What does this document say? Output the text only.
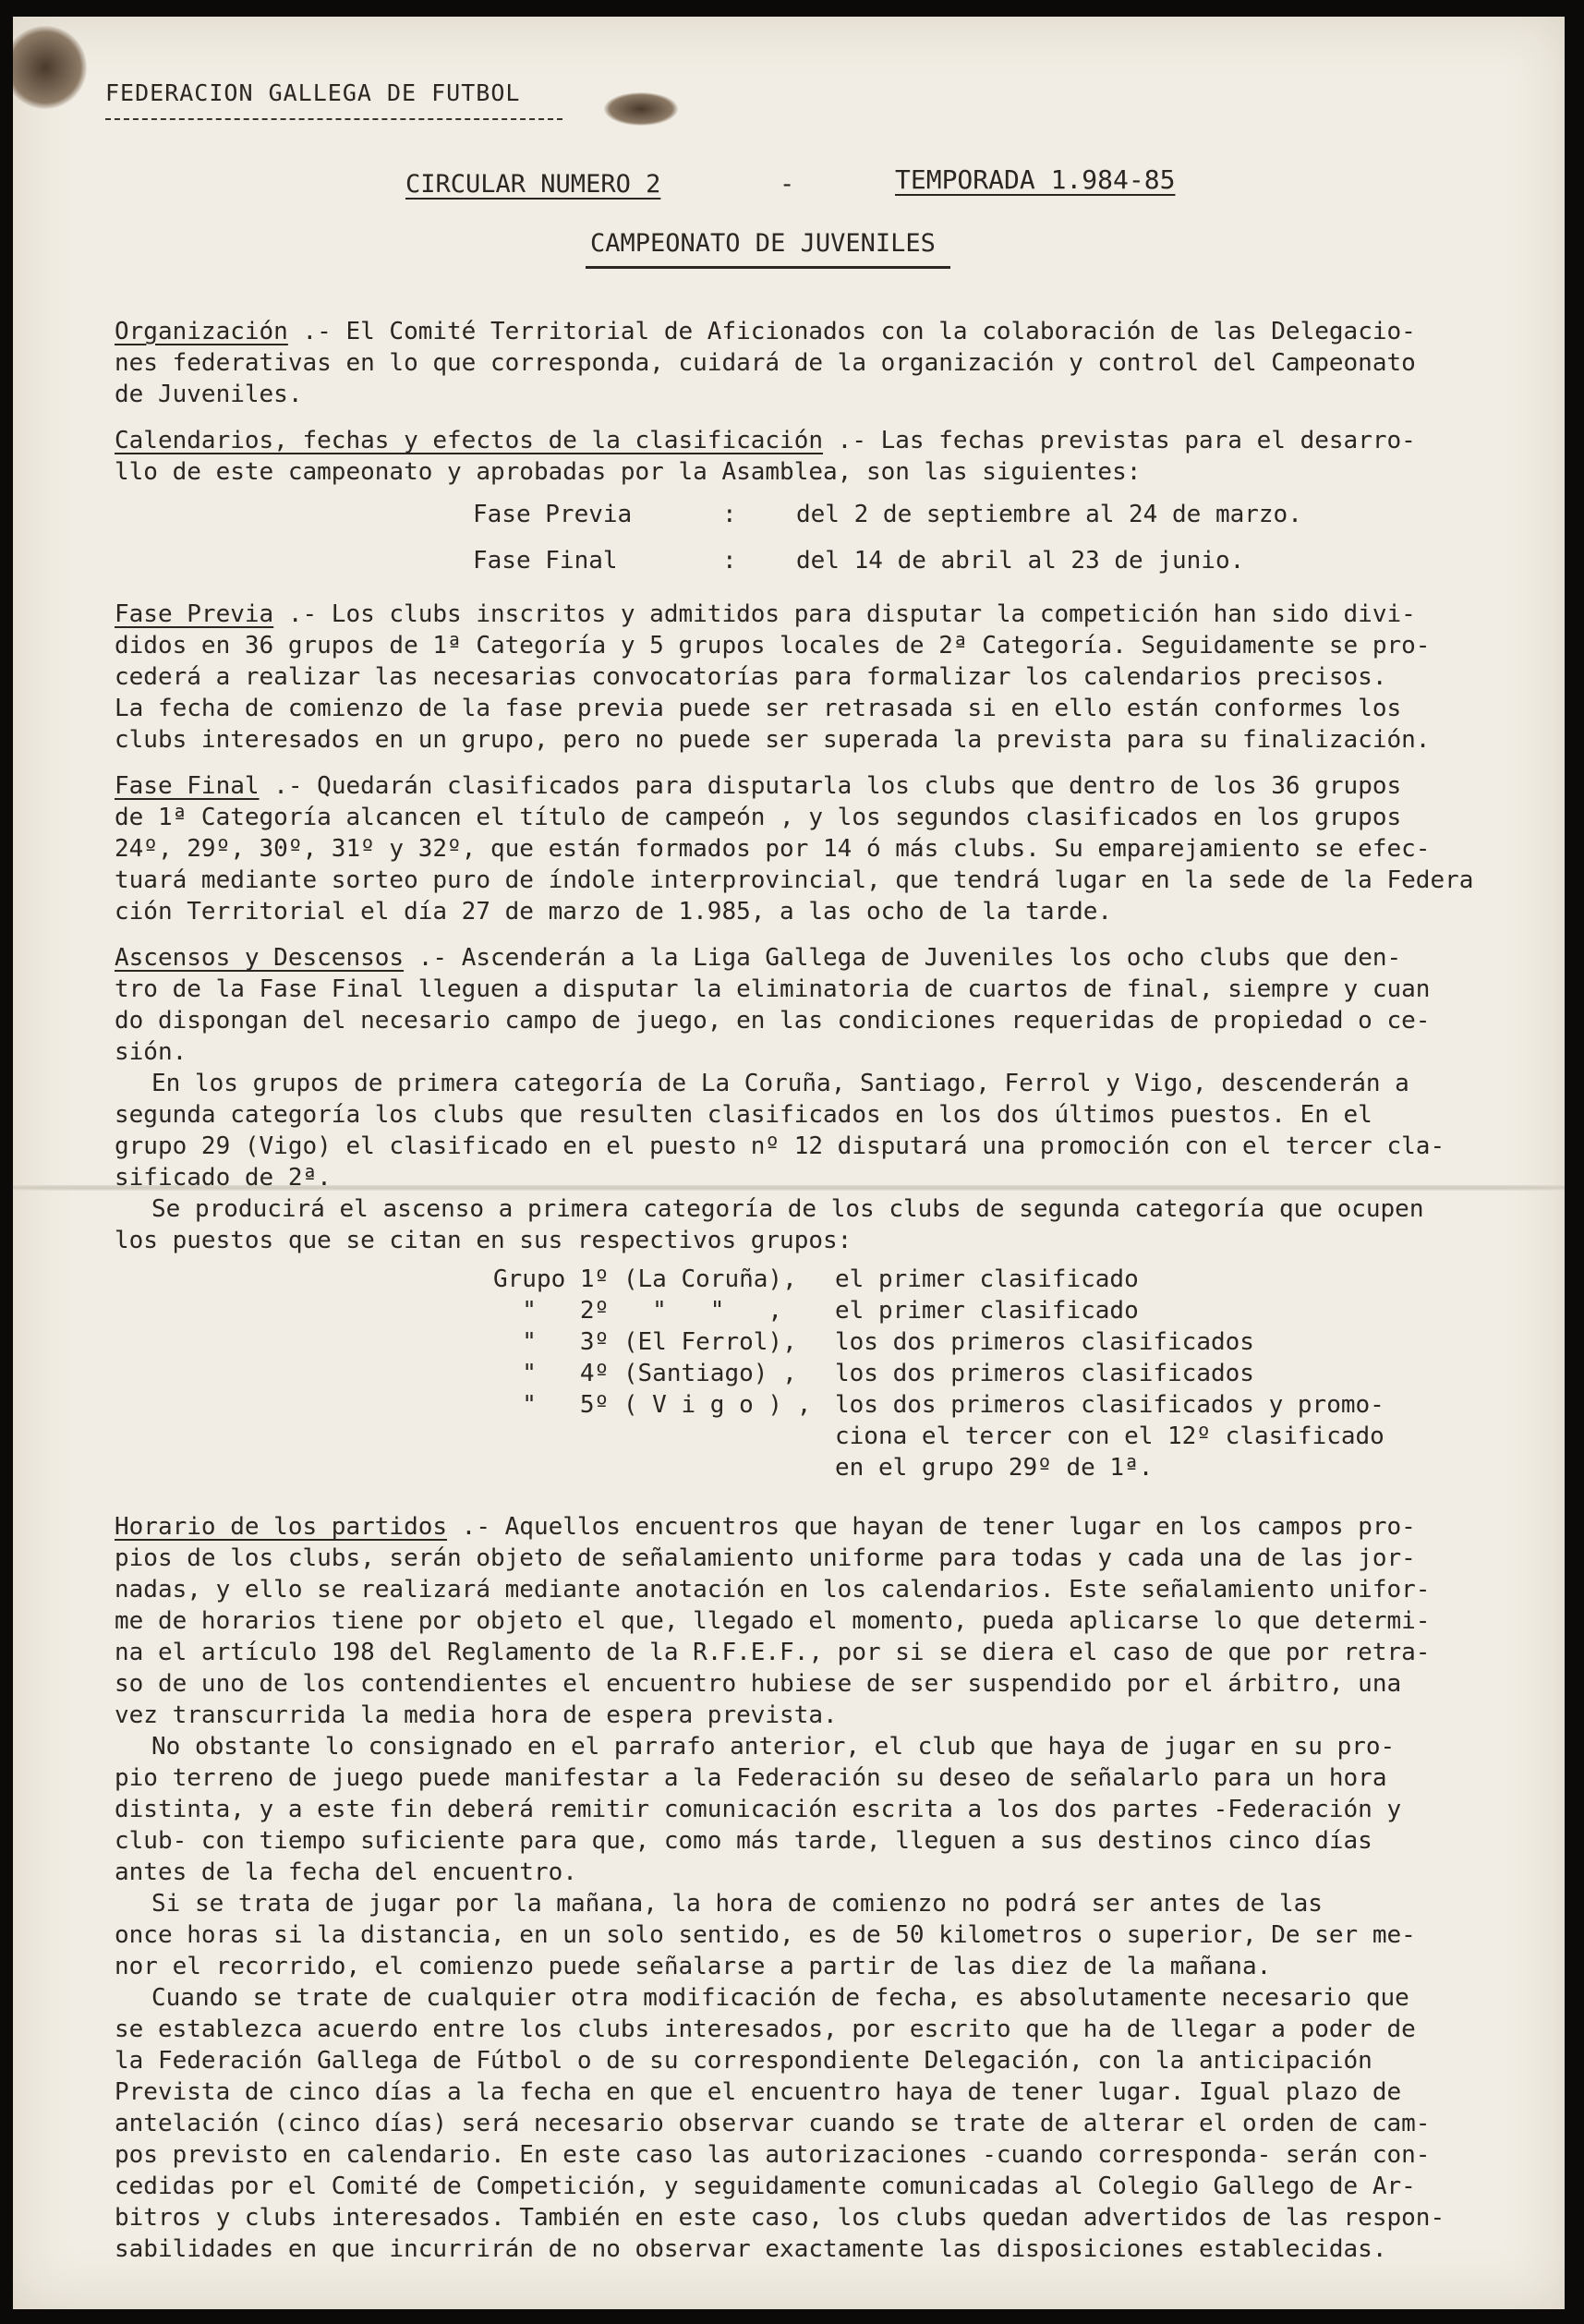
FEDERACION GALLEGA DE FUTBOL
CIRCULAR NUMERO 2	-	TEMPORADA 1.984-85
CAMPEONATO DE JUVENILES
Organización .- El Comité Territorial de Aficionados con la colaboración de las Delegacio-
nes federativas en lo que corresponda, cuidará de la organización y control del Campeonato
de Juveniles.
Calendarios, fechas y efectos de la clasificación .- Las fechas previstas para el desarro-
llo de este campeonato y aprobadas por la Asamblea, son las siguientes:
Fase Previa	:	del 2 de septiembre al 24 de marzo.
Fase Final	:	del 14 de abril al 23 de junio.
Fase Previa .- Los clubs inscritos y admitidos para disputar la competición han sido divi-
didos en 36 grupos de 1ª Categoría y 5 grupos locales de 2ª Categoría. Seguidamente se pro-
cederá a realizar las necesarias convocatorías para formalizar los calendarios precisos.
La fecha de comienzo de la fase previa puede ser retrasada si en ello están conformes los
clubs interesados en un grupo, pero no puede ser superada la prevista para su finalización.
Fase Final .- Quedarán clasificados para disputarla los clubs que dentro de los 36 grupos
de 1ª Categoría alcancen el título de campeón , y los segundos clasificados en los grupos
24º, 29º, 30º, 31º y 32º, que están formados por 14 ó más clubs. Su emparejamiento se efec-
tuará mediante sorteo puro de índole interprovincial, que tendrá lugar en la sede de la Federa
ción Territorial el día 27 de marzo de 1.985, a las ocho de la tarde.
Ascensos y Descensos .- Ascenderán a la Liga Gallega de Juveniles los ocho clubs que den-
tro de la Fase Final lleguen a disputar la eliminatoria de cuartos de final, siempre y cuan
do dispongan del necesario campo de juego, en las condiciones requeridas de propiedad o ce-
sión.
En los grupos de primera categoría de La Coruña, Santiago, Ferrol y Vigo, descenderán a
segunda categoría los clubs que resulten clasificados en los dos últimos puestos. En el
grupo 29 (Vigo) el clasificado en el puesto nº 12 disputará una promoción con el tercer cla-
sificado de 2ª.
Se producirá el ascenso a primera categoría de los clubs de segunda categoría que ocupen
los puestos que se citan en sus respectivos grupos:
Grupo 1º (La Coruña),	el primer clasificado
"   2º   "   "   ,	el primer clasificado
"   3º (El Ferrol),	los dos primeros clasificados
"   4º (Santiago) ,	los dos primeros clasificados
"   5º ( V i g o ) , los dos primeros clasificados y promo-
ciona el tercer con el 12º clasificado
en el grupo 29º de 1ª.
Horario de los partidos .- Aquellos encuentros que hayan de tener lugar en los campos pro-
pios de los clubs, serán objeto de señalamiento uniforme para todas y cada una de las jor-
nadas, y ello se realizará mediante anotación en los calendarios. Este señalamiento unifor-
me de horarios tiene por objeto el que, llegado el momento, pueda aplicarse lo que determi-
na el artículo 198 del Reglamento de la R.F.E.F., por si se diera el caso de que por retra-
so de uno de los contendientes el encuentro hubiese de ser suspendido por el árbitro, una
vez transcurrida la media hora de espera prevista.
No obstante lo consignado en el parrafo anterior, el club que haya de jugar en su pro-
pio terreno de juego puede manifestar a la Federación su deseo de señalarlo para un hora
distinta, y a este fin deberá remitir comunicación escrita a los dos partes -Federación y
club- con tiempo suficiente para que, como más tarde, lleguen a sus destinos cinco días
antes de la fecha del encuentro.
Si se trata de jugar por la mañana, la hora de comienzo no podrá ser antes de las
once horas si la distancia, en un solo sentido, es de 50 kilometros o superior, De ser me-
nor el recorrido, el comienzo puede señalarse a partir de las diez de la mañana.
Cuando se trate de cualquier otra modificación de fecha, es absolutamente necesario que
se establezca acuerdo entre los clubs interesados, por escrito que ha de llegar a poder de
la Federación Gallega de Fútbol o de su correspondiente Delegación, con la anticipación
Prevista de cinco días a la fecha en que el encuentro haya de tener lugar. Igual plazo de
antelación (cinco días) será necesario observar cuando se trate de alterar el orden de cam-
pos previsto en calendario. En este caso las autorizaciones -cuando corresponda- serán con-
cedidas por el Comité de Competición, y seguidamente comunicadas al Colegio Gallego de Ar-
bitros y clubs interesados. También en este caso, los clubs quedan advertidos de las respon-
sabilidades en que incurrirán de no observar exactamente las disposiciones establecidas.
